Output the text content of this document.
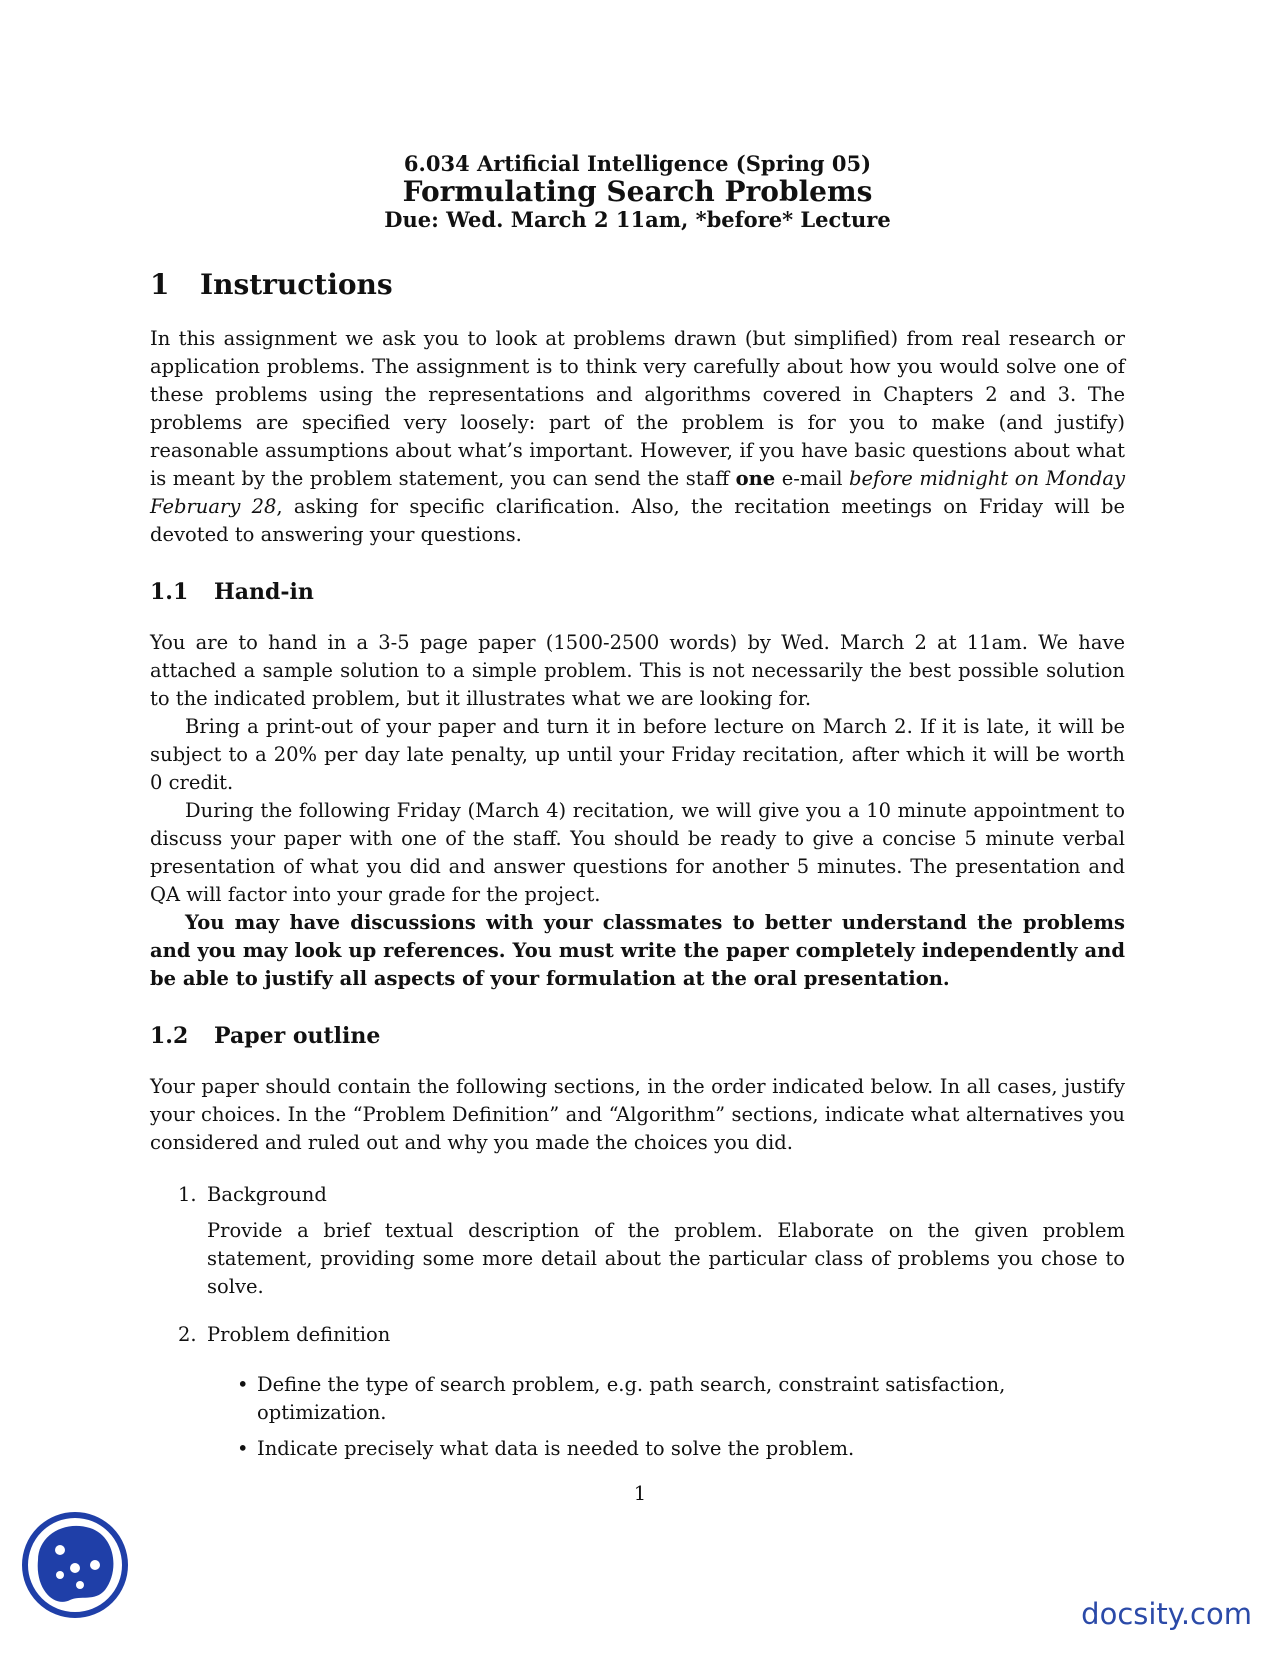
6.034 Artificial Intelligence (Spring 05)
Formulating Search Problems
Due: Wed. March 2 11am, *before* Lecture
1 Instructions

In this assignment we ask you to look at problems drawn (but simplified) from real research or application problems. The assignment is to think very carefully about how you would solve one of these problems using the representations and algorithms covered in Chapters 2 and 3. The problems are specified very loosely: part of the problem is for you to make (and justify) reasonable assumptions about what’s important. However, if you have basic questions about what is meant by the problem statement, you can send the staff one e-mail before midnight on Monday February 28, asking for specific clarification. Also, the recitation meetings on Friday will be devoted to answering your questions.

1.1 Hand-in

You are to hand in a 3-5 page paper (1500-2500 words) by Wed. March 2 at 11am. We have attached a sample solution to a simple problem. This is not necessarily the best possible solution to the indicated problem, but it illustrates what we are looking for.

Bring a print-out of your paper and turn it in before lecture on March 2. If it is late, it will be subject to a 20% per day late penalty, up until your Friday recitation, after which it will be worth 0 credit.

During the following Friday (March 4) recitation, we will give you a 10 minute appointment to discuss your paper with one of the staff. You should be ready to give a concise 5 minute verbal presentation of what you did and answer questions for another 5 minutes. The presentation and QA will factor into your grade for the project.

You may have discussions with your classmates to better understand the problems and you may look up references. You must write the paper completely independently and be able to justify all aspects of your formulation at the oral presentation.

1.2 Paper outline

Your paper should contain the following sections, in the order indicated below. In all cases, justify your choices. In the “Problem Definition” and “Algorithm” sections, indicate what alternatives you considered and ruled out and why you made the choices you did.

1. Background
Provide a brief textual description of the problem. Elaborate on the given problem statement, providing some more detail about the particular class of problems you chose to solve.
2. Problem definition
• Define the type of search problem, e.g. path search, constraint satisfaction, optimization.
• Indicate precisely what data is needed to solve the problem.
1
docsity.com
